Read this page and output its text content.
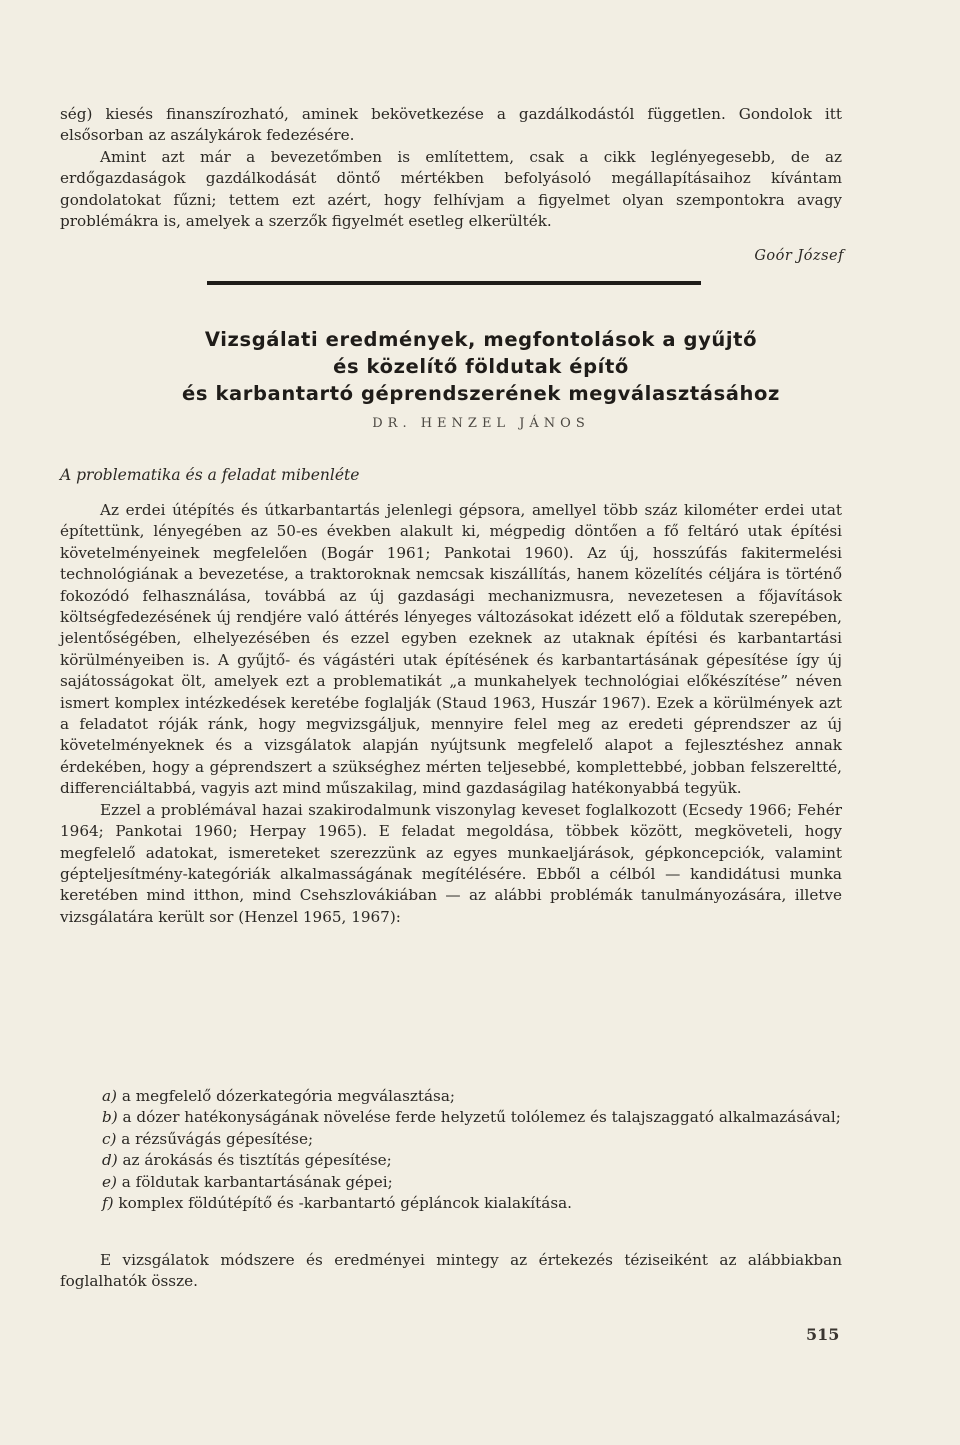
ség) kiesés finanszírozható, aminek bekövetkezése a gazdálkodástól független. Gondolok itt elsősorban az aszálykárok fedezésére.

Amint azt már a bevezetőmben is említettem, csak a cikk leglényegesebb, de az erdőgazdaságok gazdálkodását döntő mértékben befolyásoló megállapításaihoz kívántam gondolatokat fűzni; tettem ezt azért, hogy felhívjam a figyelmet olyan szempontokra avagy problémákra is, amelyek a szerzők figyelmét esetleg elkerülték.

Goór József
Vizsgálati eredmények, megfontolások a gyűjtő
és közelítő földutak építő
és karbantartó géprendszerének megválasztásához
DR. HENZEL JÁNOS
A problematika és a feladat mibenléte

Az erdei útépítés és útkarbantartás jelenlegi gépsora, amellyel több száz kilométer erdei utat építettünk, lényegében az 50-es években alakult ki, mégpedig döntően a fő feltáró utak építési követelményeinek megfelelően (Bogár 1961; Pankotai 1960). Az új, hosszúfás fakitermelési technológiának a bevezetése, a traktoroknak nemcsak kiszállítás, hanem közelítés céljára is történő fokozódó felhasználása, továbbá az új gazdasági mechanizmusra, nevezetesen a főjavítások költségfedezésének új rendjére való áttérés lényeges változásokat idézett elő a földutak szerepében, jelentőségében, elhelyezésében és ezzel egyben ezeknek az utaknak építési és karbantartási körülményeiben is. A gyűjtő- és vágástéri utak építésének és karbantartásának gépesítése így új sajátosságokat ölt, amelyek ezt a problematikát „a munkahelyek technológiai előkészítése” néven ismert komplex intézkedések keretébe foglalják (Staud 1963, Huszár 1967). Ezek a körülmények azt a feladatot róják ránk, hogy megvizsgáljuk, mennyire felel meg az eredeti géprendszer az új követelményeknek és a vizsgálatok alapján nyújtsunk megfelelő alapot a fejlesztéshez annak érdekében, hogy a géprendszert a szükséghez mérten teljesebbé, komplettebbé, jobban felszereltté, differenciáltabbá, vagyis azt mind műszakilag, mind gazdaságilag hatékonyabbá tegyük.

Ezzel a problémával hazai szakirodalmunk viszonylag keveset foglalkozott (Ecsedy 1966; Fehér 1964; Pankotai 1960; Herpay 1965). E feladat megoldása, többek között, megköveteli, hogy megfelelő adatokat, ismereteket szerezzünk az egyes munkaeljárások, gépkoncepciók, valamint gépteljesítmény-kategóriák alkalmasságának megítélésére. Ebből a célból — kandidátusi munka keretében mind itthon, mind Csehszlovákiában — az alábbi problémák tanulmányozására, illetve vizsgálatára került sor (Henzel 1965, 1967):

a) a megfelelő dózerkategória megválasztása;

b) a dózer hatékonyságának növelése ferde helyzetű tolólemez és talajszaggató alkalmazásával;

c) a rézsűvágás gépesítése;

d) az árokásás és tisztítás gépesítése;

e) a földutak karbantartásának gépei;

f) komplex földútépítő és -karbantartó gépláncok kialakítása.

E vizsgálatok módszere és eredményei mintegy az értekezés téziseiként az alábbiakban foglalhatók össze.

515
